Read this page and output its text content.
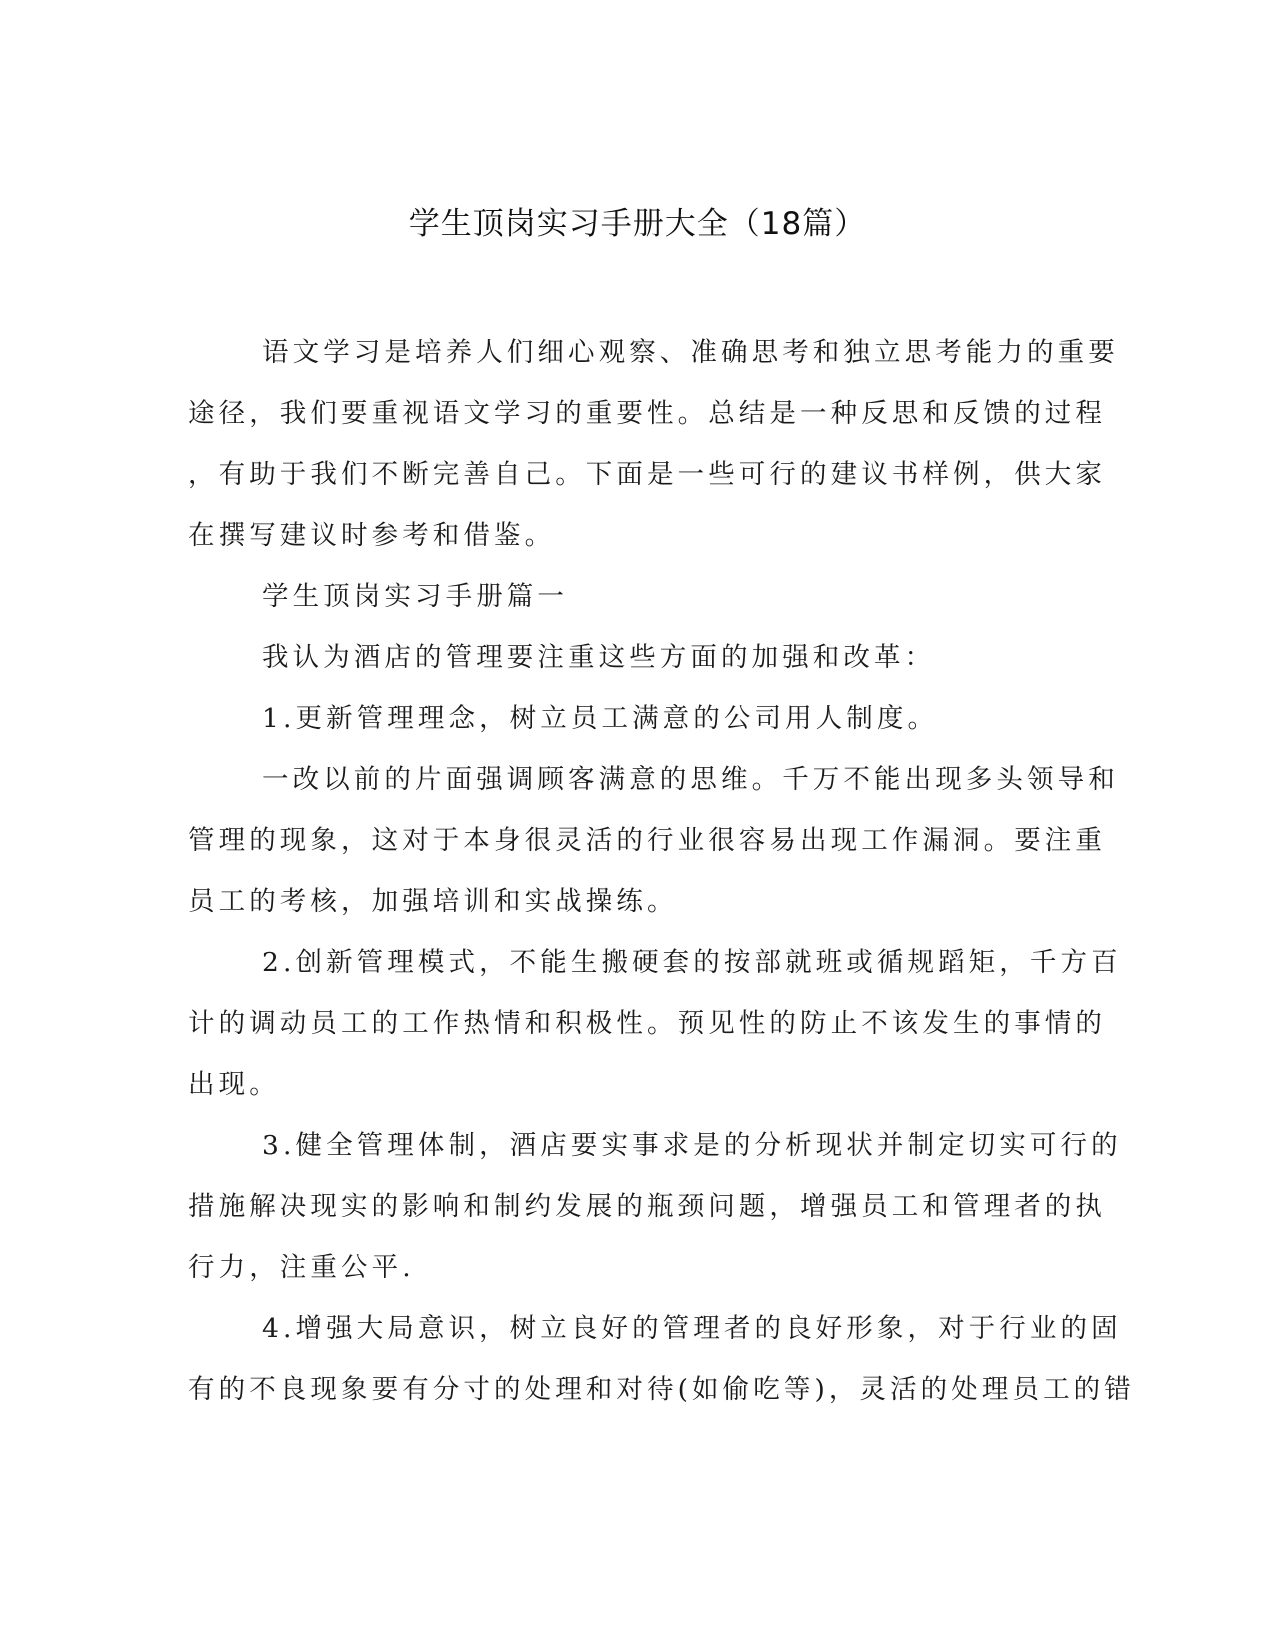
学生顶岗实习手册大全（18篇）

语文学习是培养人们细心观察、准确思考和独立思考能力的重要
途径，我们要重视语文学习的重要性。总结是一种反思和反馈的过程
，有助于我们不断完善自己。下面是一些可行的建议书样例，供大家
在撰写建议时参考和借鉴。

学生顶岗实习手册篇一

我认为酒店的管理要注重这些方面的加强和改革：

1.更新管理理念，树立员工满意的公司用人制度。

一改以前的片面强调顾客满意的思维。千万不能出现多头领导和
管理的现象，这对于本身很灵活的行业很容易出现工作漏洞。要注重
员工的考核，加强培训和实战操练。

2.创新管理模式，不能生搬硬套的按部就班或循规蹈矩，千方百
计的调动员工的工作热情和积极性。预见性的防止不该发生的事情的
出现。

3.健全管理体制，酒店要实事求是的分析现状并制定切实可行的
措施解决现实的影响和制约发展的瓶颈问题，增强员工和管理者的执
行力，注重公平.

4.增强大局意识，树立良好的管理者的良好形象，对于行业的固
有的不良现象要有分寸的处理和对待(如偷吃等)，灵活的处理员工的错
